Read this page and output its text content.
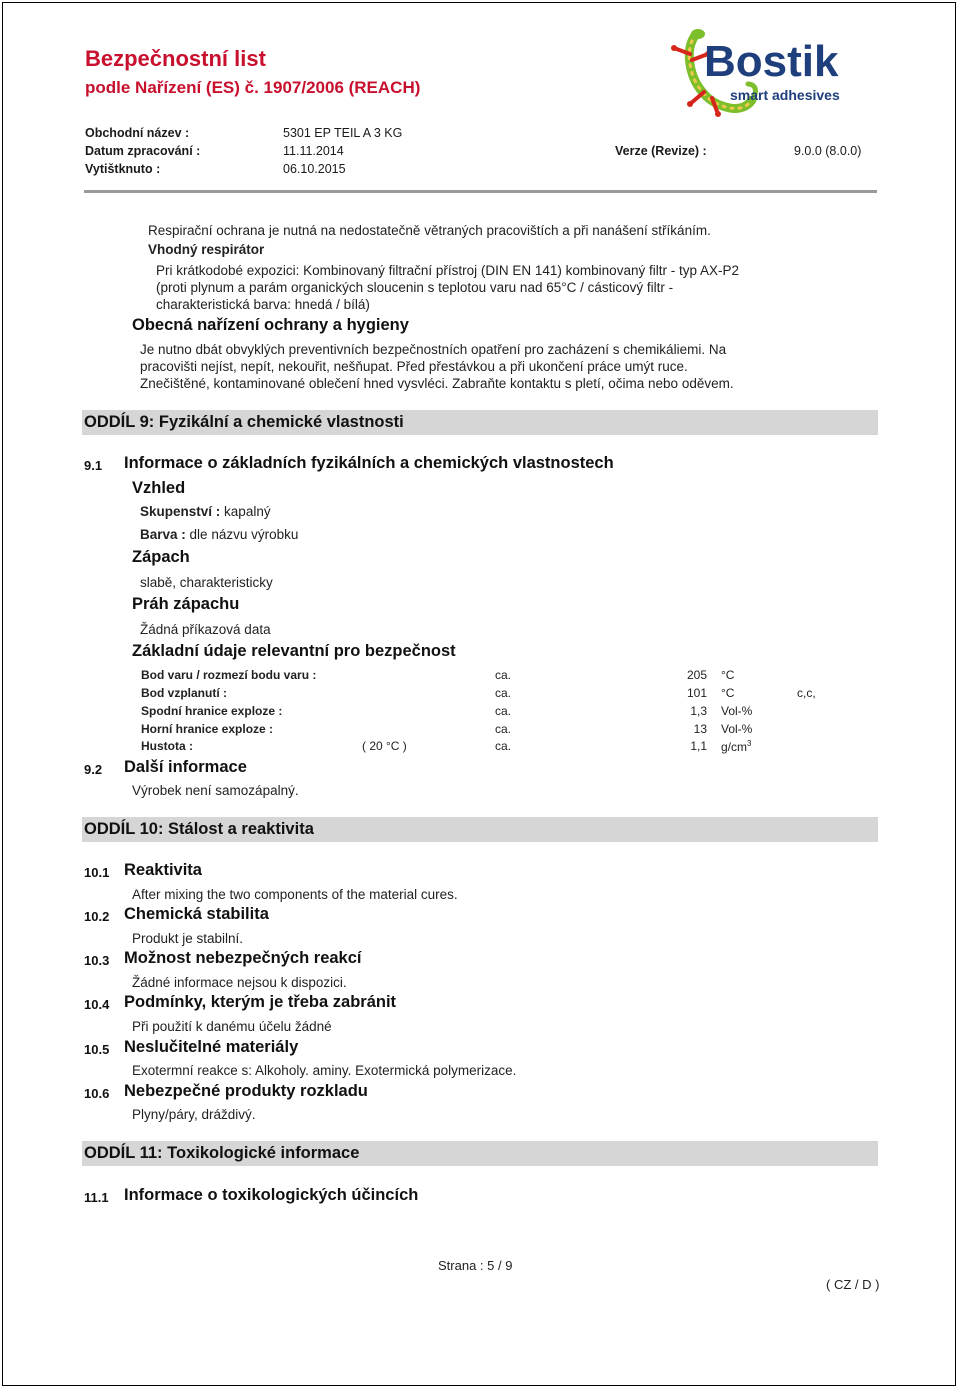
Bezpečnostní list
podle Nařízení (ES) č. 1907/2006 (REACH)
Bostik
smart adhesives
Obchodní název :	5301 EP TEIL A 3 KG
Datum zpracování :	11.11.2014	Verze (Revize) :	9.0.0 (8.0.0)
Vytištknuto :	06.10.2015
Respirační ochrana je nutná na nedostatečně větraných pracovištích a při nanášení stříkáním.
Vhodný respirátor
Pri krátkodobé expozici: Kombinovaný filtrační přístroj (DIN EN 141) kombinovaný filtr - typ AX-P2
(proti plynum a parám organických sloucenin s teplotou varu nad 65°C / cásticový filtr -
charakteristická barva: hnedá / bílá)
Obecná nařízení ochrany a hygieny
Je nutno dbát obvyklých preventivních bezpečnostních opatření pro zacházení s chemikáliemi. Na
pracovišti nejíst, nepít, nekouřit, nešňupat. Před přestávkou a při ukončení práce umýt ruce.
Znečištěné, kontaminované oblečení hned vysvléci. Zabraňte kontaktu s pletí, očima nebo oděvem.
ODDÍL 9: Fyzikální a chemické vlastnosti
9.1 Informace o základních fyzikálních a chemických vlastnostech
Vzhled
Skupenství : kapalný
Barva : dle názvu výrobku
Zápach
slabě, charakteristicky
Práh zápachu
Žádná příkazová data
Základní údaje relevantní pro bezpečnost
Bod varu / rozmezí bodu varu :	ca.	205 °C
Bod vzplanutí :	ca.	101 °C	c,c,
Spodní hranice exploze :	ca.	1,3 Vol-%
Horní hranice exploze :	ca.	13 Vol-%
Hustota :	( 20 °C )	ca.	1,1 $g/cm^3$
9.2 Další informace
Výrobek není samozápalný.
ODDÍL 10: Stálost a reaktivita
10.1 Reaktivita
After mixing the two components of the material cures.
10.2 Chemická stabilita
Produkt je stabilní.
10.3 Možnost nebezpečných reakcí
Žádné informace nejsou k dispozici.
10.4 Podmínky, kterým je třeba zabránit
Při použití k danému účelu žádné
10.5 Neslučitelné materiály
Exotermní reakce s: Alkoholy. aminy. Exotermická polymerizace.
10.6 Nebezpečné produkty rozkladu
Plyny/páry, dráždivý.
ODDÍL 11: Toxikologické informace
11.1 Informace o toxikologických účincích
Strana : 5 / 9
( CZ / D )
